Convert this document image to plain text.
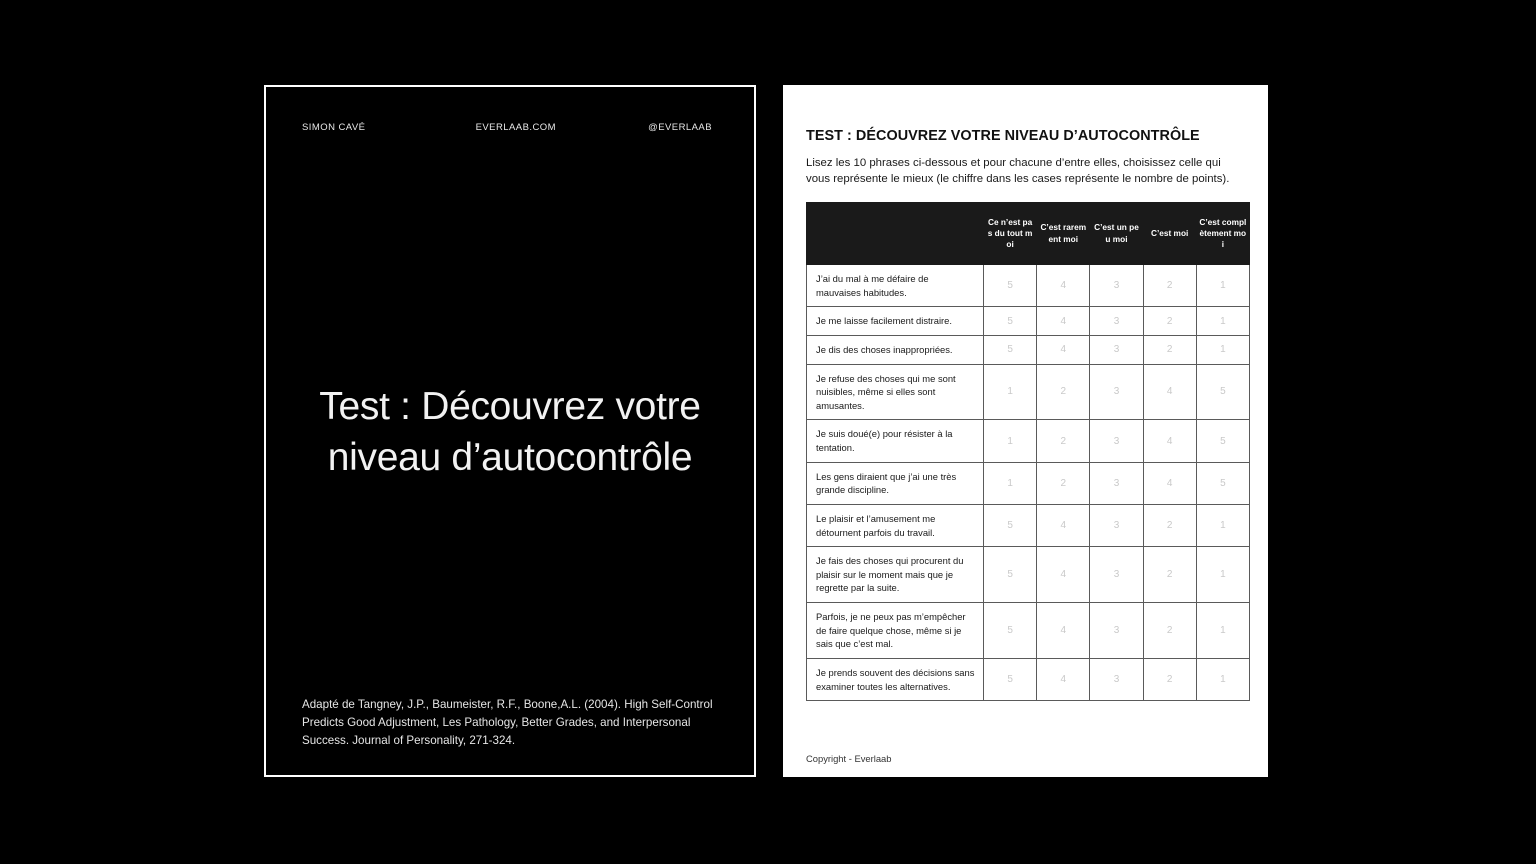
SIMON CAVÉ	EVERLAAB.COM	@EVERLAAB
Test : Découvrez votre niveau d’autocontrôle
Adapté de Tangney, J.P., Baumeister, R.F., Boone,A.L. (2004). High Self-Control Predicts Good Adjustment, Les Pathology, Better Grades, and Interpersonal Success. Journal of Personality, 271-324.
TEST : DÉCOUVREZ VOTRE NIVEAU D’AUTOCONTRÔLE
Lisez les 10 phrases ci-dessous et pour chacune d’entre elles, choisissez celle qui vous représente le mieux (le chiffre dans les cases représente le nombre de points).
	Ce n’est pas du tout moi	C’est rarement moi	C’est un peu moi	C’est moi	C’est complètement moi
J’ai du mal à me défaire de mauvaises habitudes.	5	4	3	2	1
Je me laisse facilement distraire.	5	4	3	2	1
Je dis des choses inappropriées.	5	4	3	2	1
Je refuse des choses qui me sont nuisibles, même si elles sont amusantes.	1	2	3	4	5
Je suis doué(e) pour résister à la tentation.	1	2	3	4	5
Les gens diraient que j’ai une très grande discipline.	1	2	3	4	5
Le plaisir et l’amusement me détournent parfois du travail.	5	4	3	2	1
Je fais des choses qui procurent du plaisir sur le moment mais que je regrette par la suite.	5	4	3	2	1
Parfois, je ne peux pas m’empêcher de faire quelque chose, même si je sais que c’est mal.	5	4	3	2	1
Je prends souvent des décisions sans examiner toutes les alternatives.	5	4	3	2	1
Copyright - Everlaab
